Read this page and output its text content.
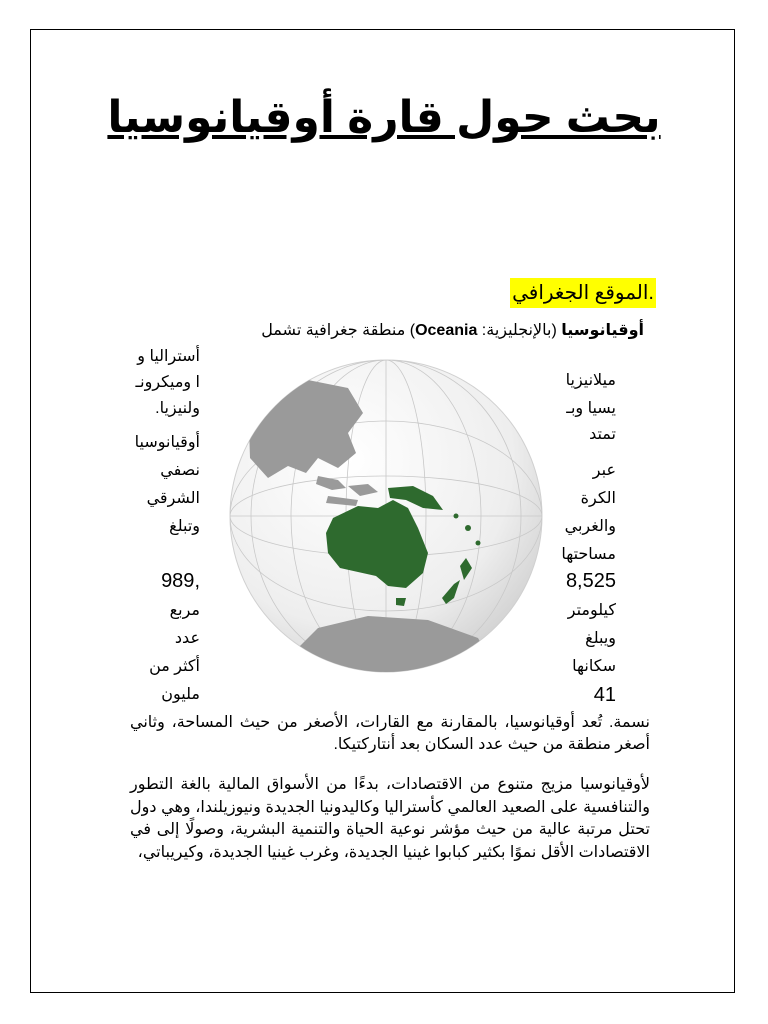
بحث حول قارة أوقيانوسيا
.الموقع الجغرافي
أوقيانوسيا (بالإنجليزية: Oceania) منطقة جغرافية تشمل
ميلانيزيا
يسيا وبـ
تمتد
عبر
الكرة
والغربي
مساحتها
8,525
كيلومتر
ويبلغ
سكانها
41
أستراليا و
ا وميكرونـ
ولنيزيا.
أوقيانوسيا
نصفي
الشرقي
وتبلغ
,989
مربع
عدد
أكثر من
مليون
نسمة. تُعد أوقيانوسيا، بالمقارنة مع القارات، الأصغر من حيث المساحة، وثاني أصغر منطقة من حيث عدد السكان بعد أنتاركتيكا.
لأوقيانوسيا مزيج متنوع من الاقتصادات، بدءًا من الأسواق المالية بالغة التطور والتنافسية على الصعيد العالمي كأستراليا وكاليدونيا الجديدة ونيوزيلندا، وهي دول تحتل مرتبة عالية من حيث مؤشر نوعية الحياة والتنمية البشرية، وصولًا إلى في الاقتصادات الأقل نموًا بكثير كبابوا غينيا الجديدة، وغرب غينيا الجديدة، وكيريباتي،
